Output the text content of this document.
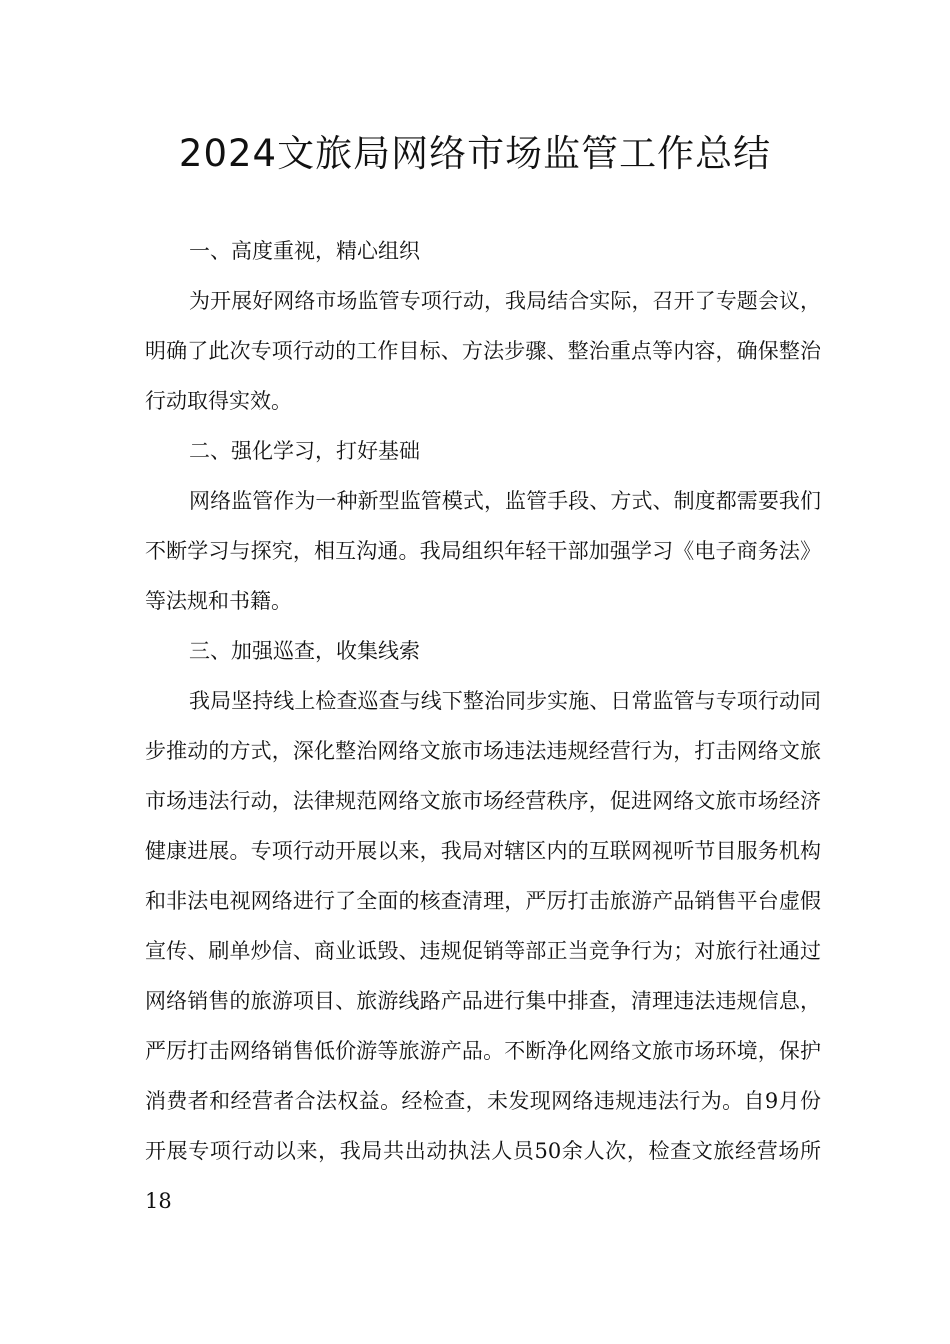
2024文旅局网络市场监管工作总结

一、高度重视，精心组织

为开展好网络市场监管专项行动，我局结合实际，召开了专题会议，明确了此次专项行动的工作目标、方法步骤、整治重点等内容，确保整治行动取得实效。

二、强化学习，打好基础

网络监管作为一种新型监管模式，监管手段、方式、制度都需要我们不断学习与探究，相互沟通。我局组织年轻干部加强学习《电子商务法》等法规和书籍。

三、加强巡查，收集线索

我局坚持线上检查巡查与线下整治同步实施、日常监管与专项行动同步推动的方式，深化整治网络文旅市场违法违规经营行为，打击网络文旅市场违法行动，法律规范网络文旅市场经营秩序，促进网络文旅市场经济健康进展。专项行动开展以来，我局对辖区内的互联网视听节目服务机构和非法电视网络进行了全面的核查清理，严厉打击旅游产品销售平台虚假宣传、刷单炒信、商业诋毁、违规促销等部正当竞争行为；对旅行社通过网络销售的旅游项目、旅游线路产品进行集中排查，清理违法违规信息，严厉打击网络销售低价游等旅游产品。不断净化网络文旅市场环境，保护消费者和经营者合法权益。经检查，未发现网络违规违法行为。自9月份开展专项行动以来，我局共出动执法人员50余人次，检查文旅经营场所18
